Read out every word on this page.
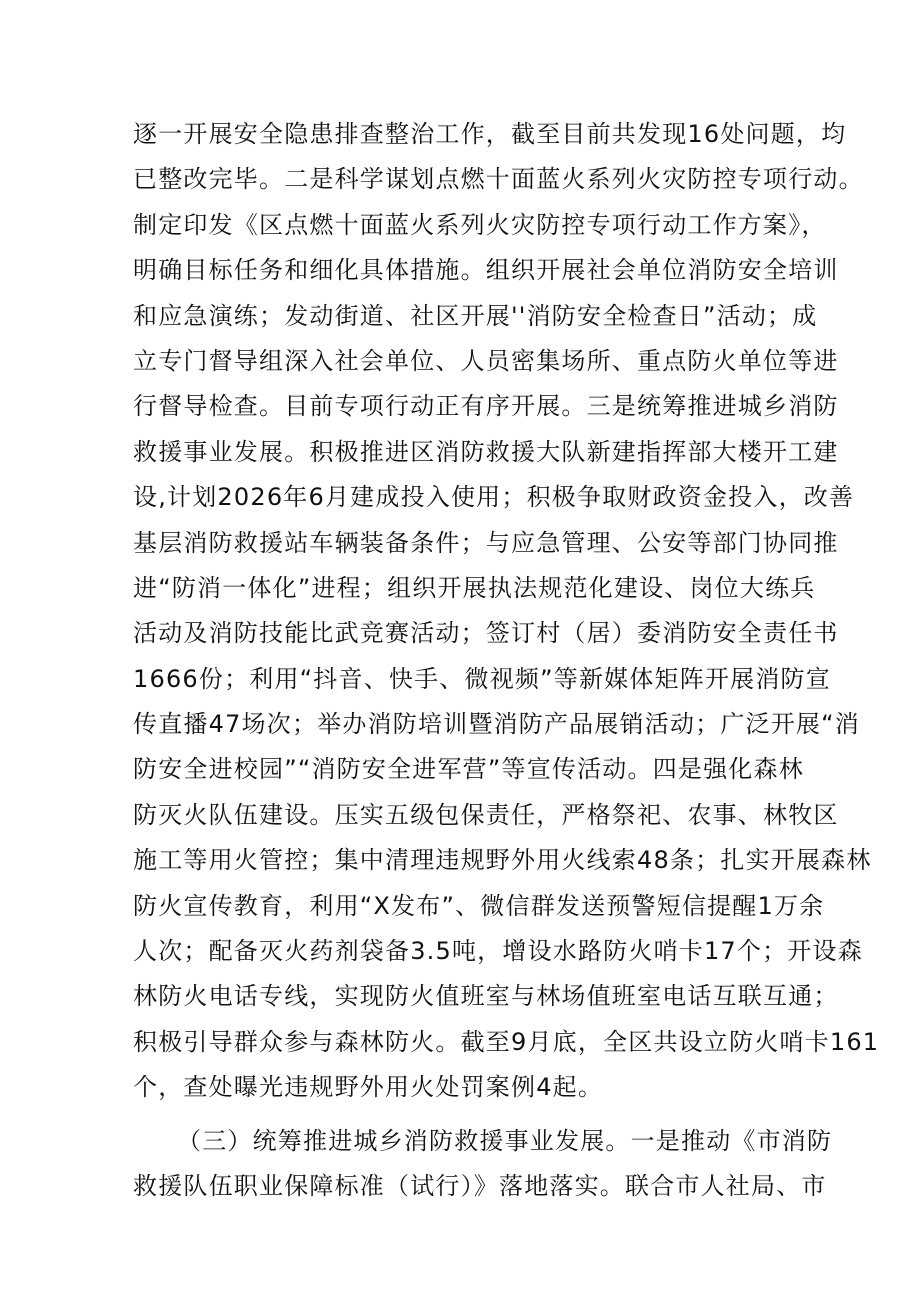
逐一开展安全隐患排查整治工作，截至目前共发现16处问题，均
已整改完毕。二是科学谋划点燃十面蓝火系列火灾防控专项行动。
制定印发《区点燃十面蓝火系列火灾防控专项行动工作方案》，
明确目标任务和细化具体措施。组织开展社会单位消防安全培训
和应急演练；发动街道、社区开展''消防安全检查日”活动；成
立专门督导组深入社会单位、人员密集场所、重点防火单位等进
行督导检查。目前专项行动正有序开展。三是统筹推进城乡消防
救援事业发展。积极推进区消防救援大队新建指挥部大楼开工建
设,计划2026年6月建成投入使用；积极争取财政资金投入，改善
基层消防救援站车辆装备条件；与应急管理、公安等部门协同推
进“防消一体化”进程；组织开展执法规范化建设、岗位大练兵
活动及消防技能比武竞赛活动；签订村（居）委消防安全责任书
1666份；利用“抖音、快手、微视频”等新媒体矩阵开展消防宣
传直播47场次；举办消防培训暨消防产品展销活动；广泛开展“消
防安全进校园”“消防安全进军营”等宣传活动。四是强化森林
防灭火队伍建设。压实五级包保责任，严格祭祀、农事、林牧区
施工等用火管控；集中清理违规野外用火线索48条；扎实开展森林
防火宣传教育，利用“X发布”、微信群发送预警短信提醒1万余
人次；配备灭火药剂袋备3.5吨，增设水路防火哨卡17个；开设森
林防火电话专线，实现防火值班室与林场值班室电话互联互通；
积极引导群众参与森林防火。截至9月底，全区共设立防火哨卡161
个，查处曝光违规野外用火处罚案例4起。
（三）统筹推进城乡消防救援事业发展。一是推动《市消防
救援队伍职业保障标准（试行）》落地落实。联合市人社局、市
